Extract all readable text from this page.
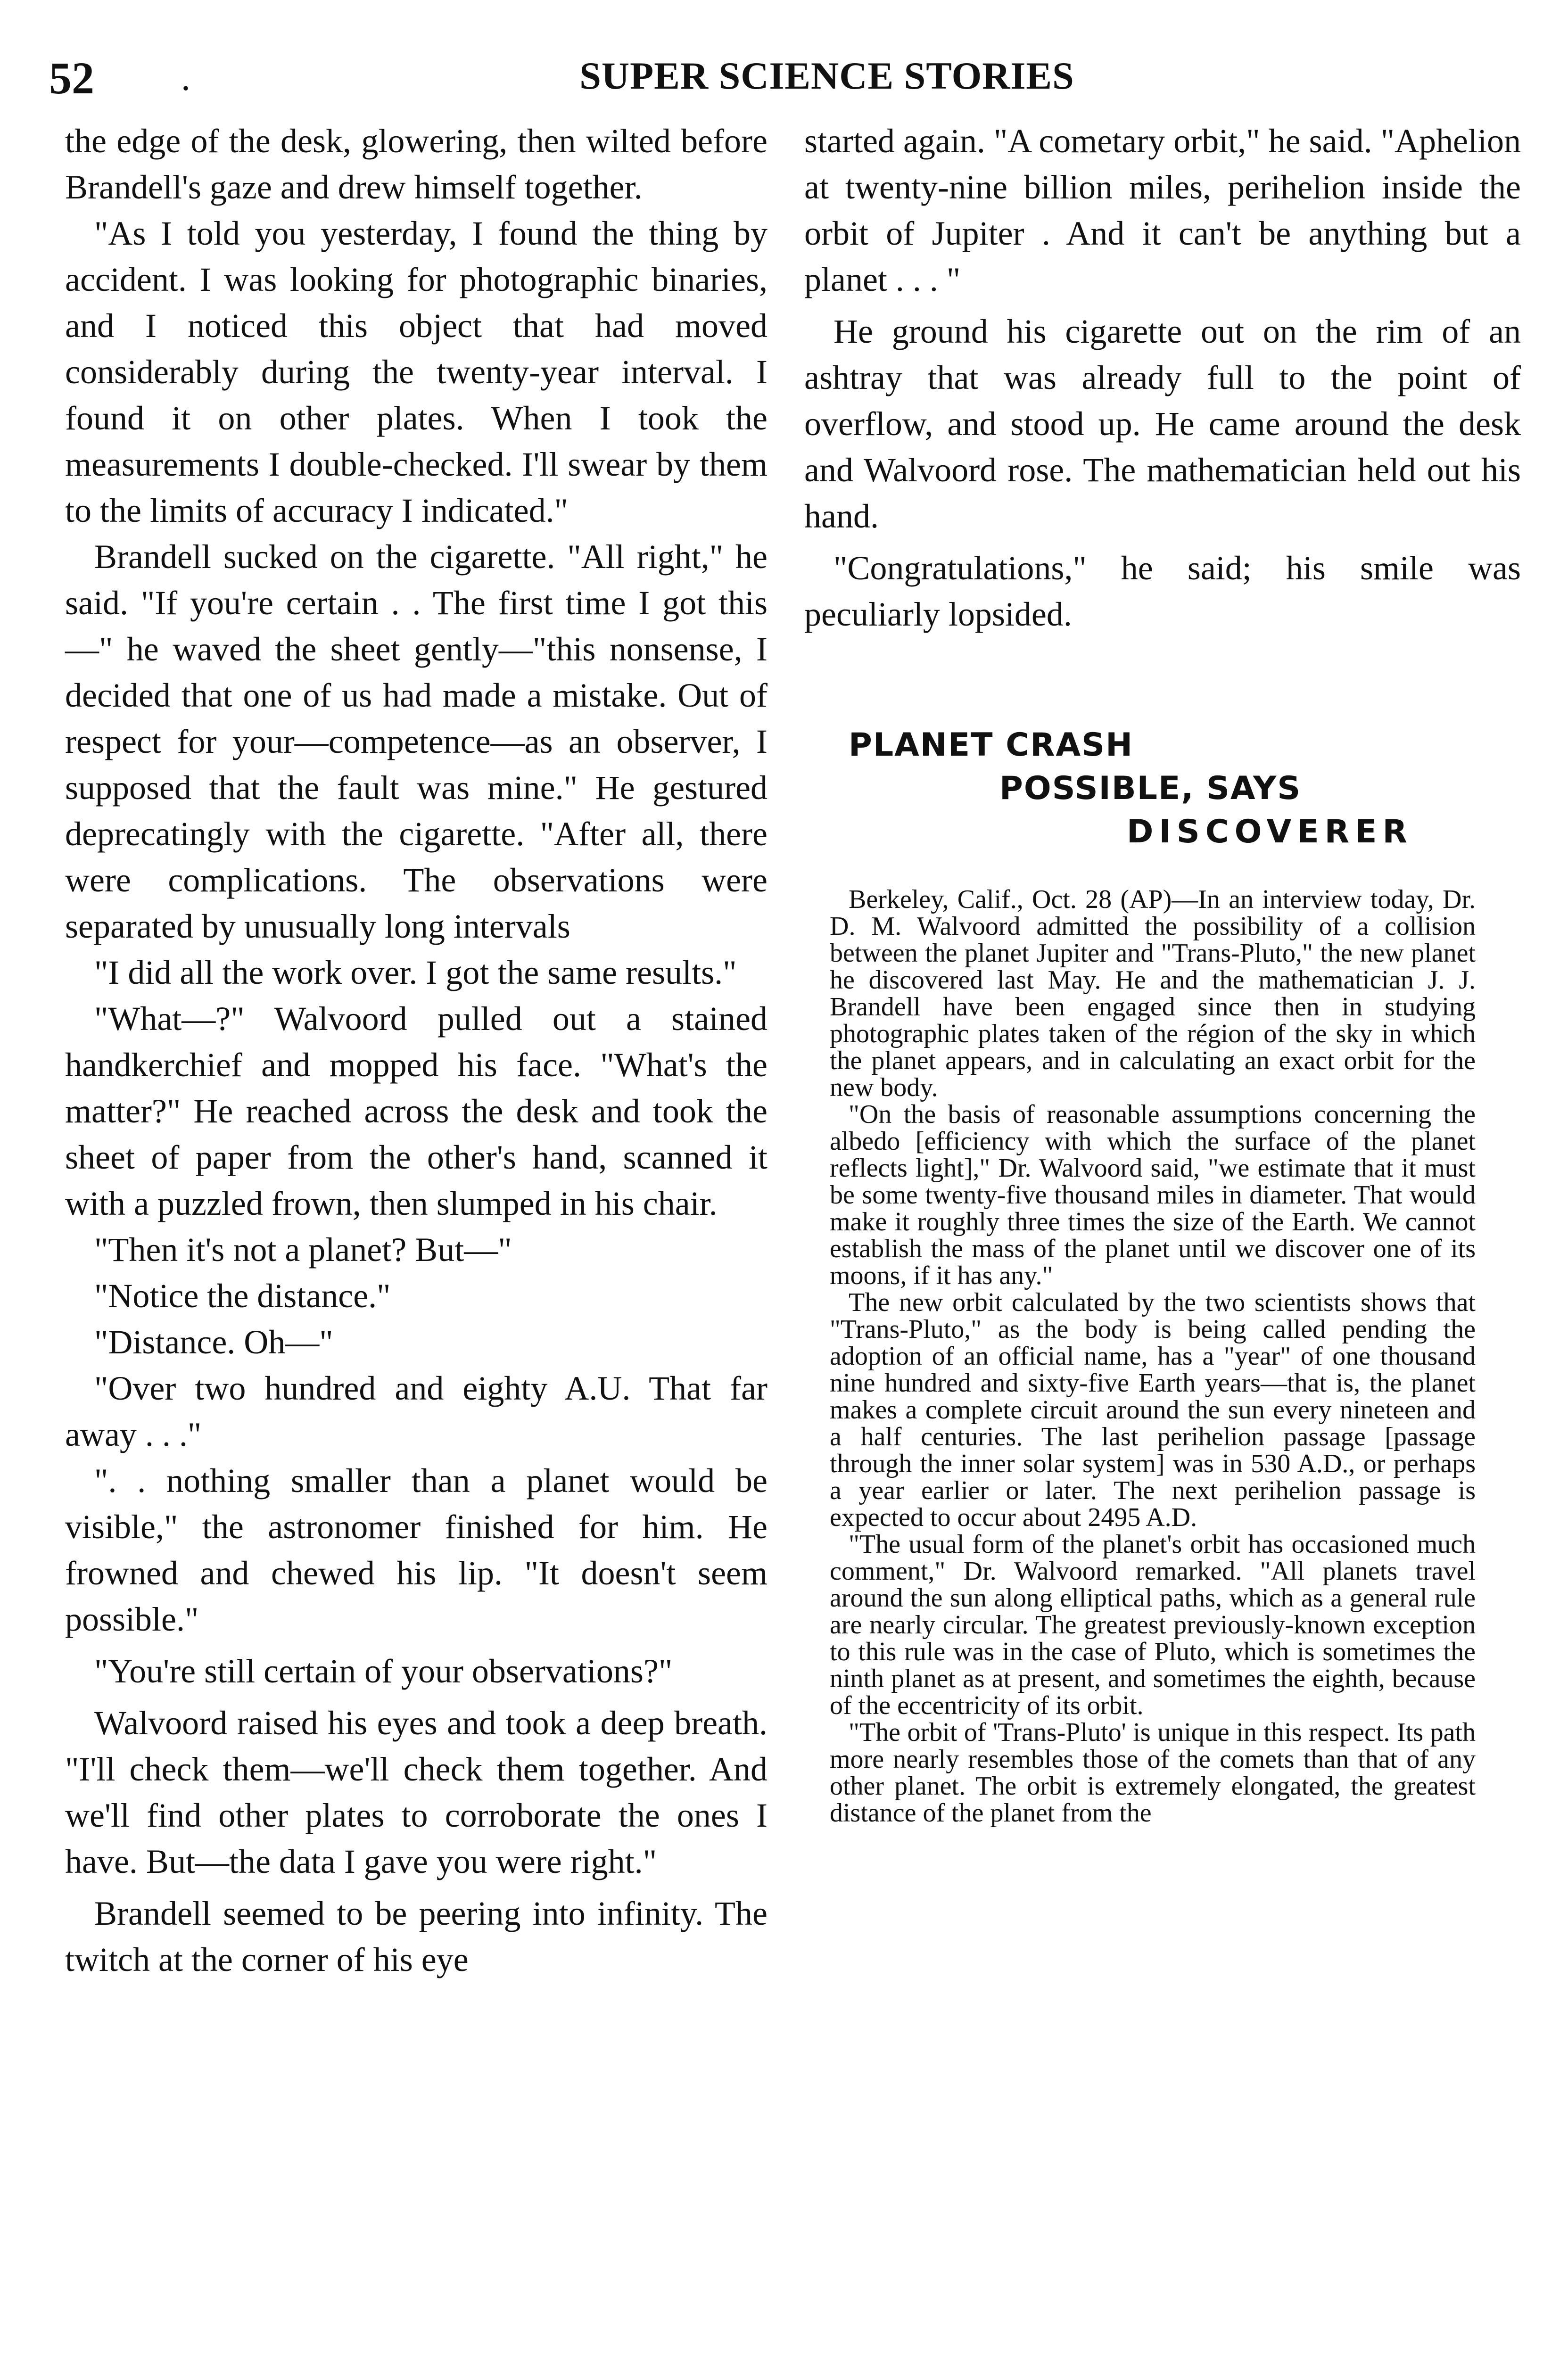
52 .	SUPER SCIENCE STORIES

the edge of the desk, glowering, then wilted before Brandell's gaze and drew himself together.

"As I told you yesterday, I found the thing by accident. I was looking for photographic binaries, and I noticed this object that had moved considerably during the twenty-year interval. I found it on other plates. When I took the measurements I double-checked. I'll swear by them to the limits of accuracy I indicated."

Brandell sucked on the cigarette. "All right," he said. "If you're certain . . The first time I got this—" he waved the sheet gently—"this nonsense, I decided that one of us had made a mistake. Out of respect for your—competence—as an observer, I supposed that the fault was mine." He gestured deprecatingly with the cigarette. "After all, there were complications. The observations were separated by unusually long intervals

"I did all the work over. I got the same results."

"What—?" Walvoord pulled out a stained handkerchief and mopped his face. "What's the matter?" He reached across the desk and took the sheet of paper from the other's hand, scanned it with a puzzled frown, then slumped in his chair.

"Then it's not a planet? But—"

"Notice the distance."

"Distance. Oh—"

"Over two hundred and eighty A.U. That far away . . ."

". . nothing smaller than a planet would be visible," the astronomer finished for him. He frowned and chewed his lip. "It doesn't seem possible."

"You're still certain of your observations?"

Walvoord raised his eyes and took a deep breath. "I'll check them—we'll check them together. And we'll find other plates to corroborate the ones I have. But—the data I gave you were right."

Brandell seemed to be peering into infinity. The twitch at the corner of his eye

started again. "A cometary orbit," he said. "Aphelion at twenty-nine billion miles, perihelion inside the orbit of Jupiter . And it can't be anything but a planet . . . "

He ground his cigarette out on the rim of an ashtray that was already full to the point of overflow, and stood up. He came around the desk and Walvoord rose. The mathematician held out his hand.

"Congratulations," he said; his smile was peculiarly lopsided.

PLANET CRASH
POSSIBLE, SAYS
DISCOVERER

Berkeley, Calif., Oct. 28 (AP)—In an interview today, Dr. D. M. Walvoord admitted the possibility of a collision between the planet Jupiter and "Trans-Pluto," the new planet he discovered last May. He and the mathematician J. J. Brandell have been engaged since then in studying photographic plates taken of the région of the sky in which the planet appears, and in calculating an exact orbit for the new body.

"On the basis of reasonable assumptions concerning the albedo [efficiency with which the surface of the planet reflects light]," Dr. Walvoord said, "we estimate that it must be some twenty-five thousand miles in diameter. That would make it roughly three times the size of the Earth. We cannot establish the mass of the planet until we discover one of its moons, if it has any."

The new orbit calculated by the two scientists shows that "Trans-Pluto," as the body is being called pending the adoption of an official name, has a "year" of one thousand nine hundred and sixty-five Earth years—that is, the planet makes a complete circuit around the sun every nineteen and a half centuries. The last perihelion passage [passage through the inner solar system] was in 530 A.D., or perhaps a year earlier or later. The next perihelion passage is expected to occur about 2495 A.D.

"The usual form of the planet's orbit has occasioned much comment," Dr. Walvoord remarked. "All planets travel around the sun along elliptical paths, which as a general rule are nearly circular. The greatest previously-known exception to this rule was in the case of Pluto, which is sometimes the ninth planet as at present, and sometimes the eighth, because of the eccentricity of its orbit.

"The orbit of 'Trans-Pluto' is unique in this respect. Its path more nearly resembles those of the comets than that of any other planet. The orbit is extremely elongated, the greatest distance of the planet from the
